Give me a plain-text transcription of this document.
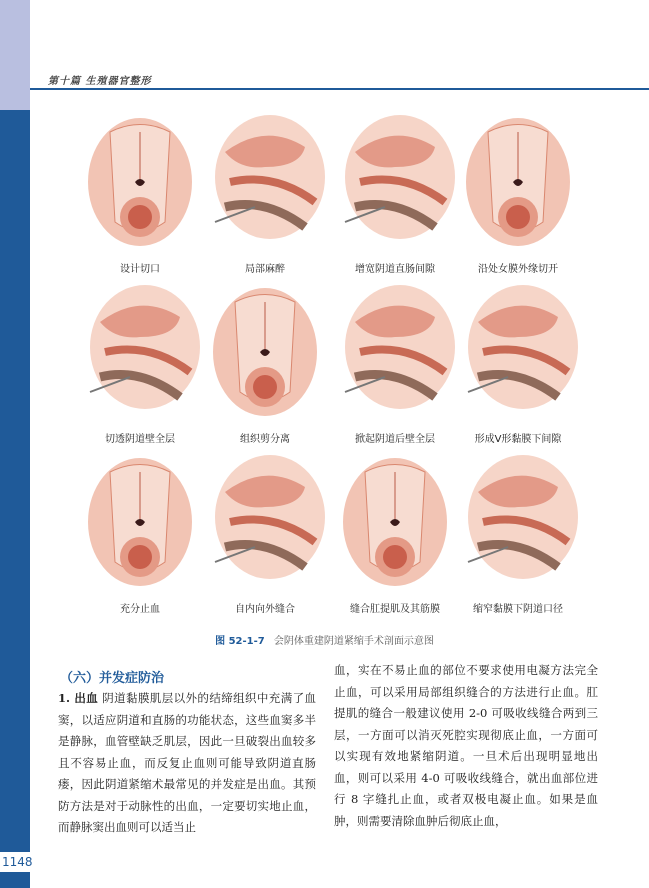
1148
第十篇 生殖器官整形
设计切口	局部麻醉	增宽阴道直肠间隙	沿处女膜外缘切开
切透阴道壁全层	组织剪分离	掀起阴道后壁全层	形成V形黏膜下间隙
充分止血	自内向外缝合	缝合肛提肌及其筋膜	缩窄黏膜下阴道口径
图 52-1-7 会阴体重建阴道紧缩手术剖面示意图
（六）并发症防治
1. 出血 阴道黏膜肌层以外的结缔组织中充满了血窦，以适应阴道和直肠的功能状态，这些血窦多半是静脉，血管壁缺乏肌层，因此一旦破裂出血较多且不容易止血，而反复止血则可能导致阴道直肠瘘，因此阴道紧缩术最常见的并发症是出血。其预防方法是对于动脉性的出血，一定要切实地止血，而静脉窦出血则可以适当止
血，实在不易止血的部位不要求使用电凝方法完全止血，可以采用局部组织缝合的方法进行止血。肛提肌的缝合一般建议使用 2-0 可吸收线缝合两到三层，一方面可以消灭死腔实现彻底止血，一方面可以实现有效地紧缩阴道。一旦术后出现明显地出血，则可以采用 4-0 可吸收线缝合，就出血部位进行 8 字缝扎止血，或者双极电凝止血。如果是血肿，则需要清除血肿后彻底止血，
